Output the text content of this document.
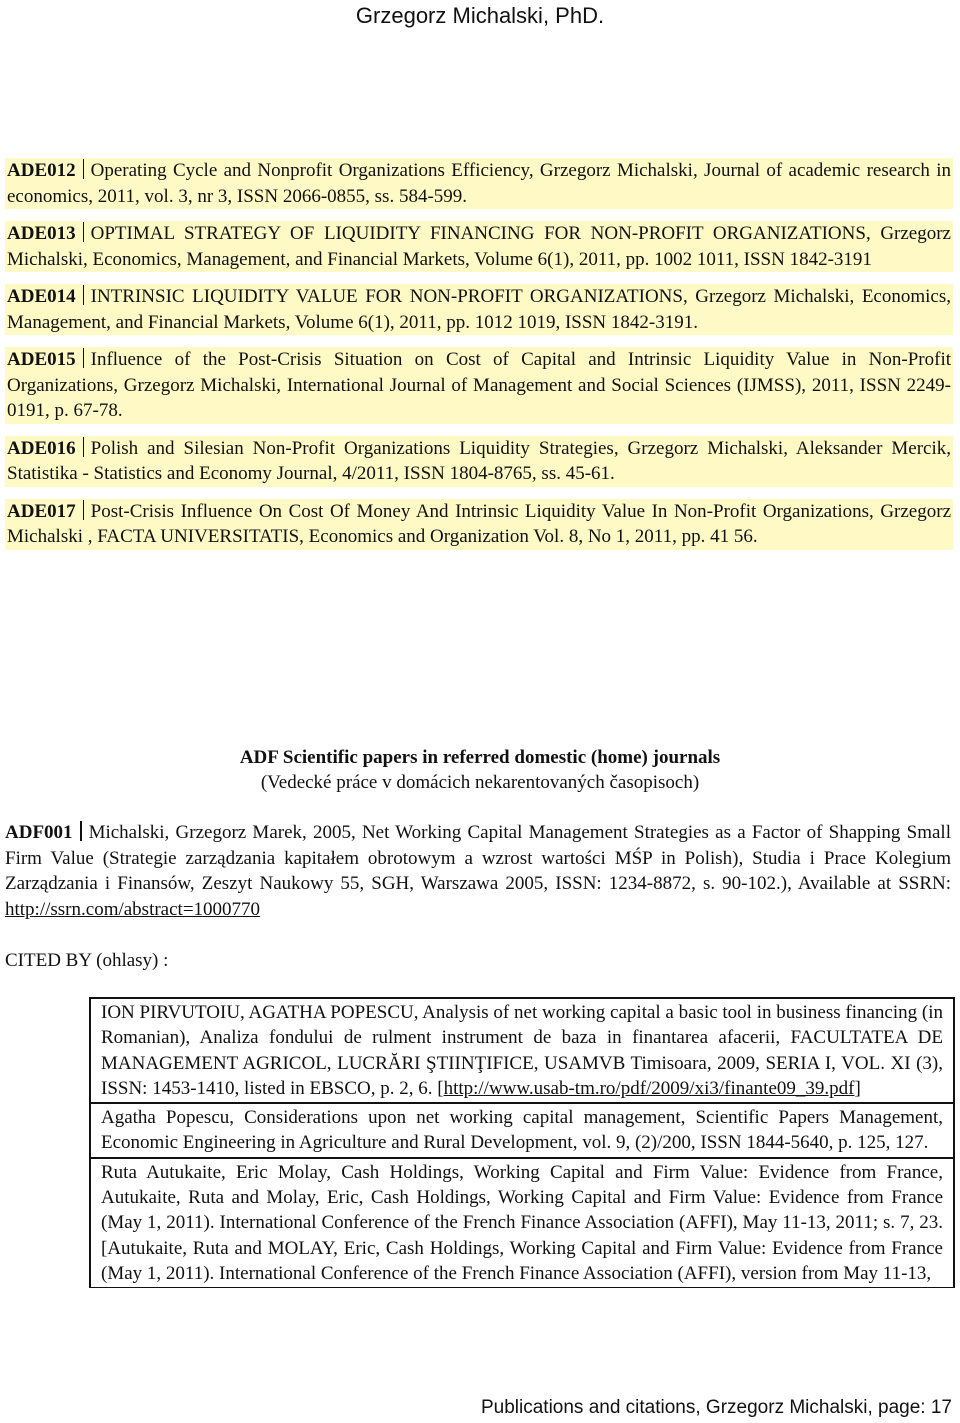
Grzegorz Michalski, PhD.
ADE012 Operating Cycle and Nonprofit Organizations Efficiency, Grzegorz Michalski, Journal of academic research in economics, 2011, vol. 3, nr 3, ISSN 2066-0855, ss. 584-599.
ADE013 OPTIMAL STRATEGY OF LIQUIDITY FINANCING FOR NON-PROFIT ORGANIZATIONS, Grzegorz Michalski, Economics, Management, and Financial Markets, Volume 6(1), 2011, pp. 1002 1011, ISSN 1842-3191
ADE014 INTRINSIC LIQUIDITY VALUE FOR NON-PROFIT ORGANIZATIONS, Grzegorz Michalski, Economics, Management, and Financial Markets, Volume 6(1), 2011, pp. 1012 1019, ISSN 1842-3191.
ADE015 Influence of the Post-Crisis Situation on Cost of Capital and Intrinsic Liquidity Value in Non-Profit Organizations, Grzegorz Michalski, International Journal of Management and Social Sciences (IJMSS), 2011, ISSN 2249-0191, p. 67-78.
ADE016 Polish and Silesian Non-Profit Organizations Liquidity Strategies, Grzegorz Michalski, Aleksander Mercik, Statistika - Statistics and Economy Journal, 4/2011, ISSN 1804-8765, ss. 45-61.
ADE017 Post-Crisis Influence On Cost Of Money And Intrinsic Liquidity Value In Non-Profit Organizations, Grzegorz Michalski , FACTA UNIVERSITATIS, Economics and Organization Vol. 8, No 1, 2011, pp. 41 56.
ADF Scientific papers in referred domestic (home) journals
(Vedecké práce v domácich nekarentovaných časopisoch)
ADF001 Michalski, Grzegorz Marek, 2005, Net Working Capital Management Strategies as a Factor of Shapping Small Firm Value (Strategie zarządzania kapitałem obrotowym a wzrost wartości MŚP in Polish), Studia i Prace Kolegium Zarządzania i Finansów, Zeszyt Naukowy 55, SGH, Warszawa 2005, ISSN: 1234-8872, s. 90-102.), Available at SSRN: http://ssrn.com/abstract=1000770
CITED BY (ohlasy) :
ION PIRVUTOIU, AGATHA POPESCU, Analysis of net working capital a basic tool in business financing (in Romanian), Analiza fondului de rulment instrument de baza in finantarea afacerii, FACULTATEA DE MANAGEMENT AGRICOL, LUCRĂRI ŞTIINŢIFICE, USAMVB Timisoara, 2009, SERIA I, VOL. XI (3), ISSN: 1453-1410, listed in EBSCO, p. 2, 6. [http://www.usab-tm.ro/pdf/2009/xi3/finante09_39.pdf]
Agatha Popescu, Considerations upon net working capital management, Scientific Papers Management, Economic Engineering in Agriculture and Rural Development, vol. 9, (2)/200, ISSN 1844-5640, p. 125, 127.
Ruta Autukaite, Eric Molay, Cash Holdings, Working Capital and Firm Value: Evidence from France, Autukaite, Ruta and Molay, Eric, Cash Holdings, Working Capital and Firm Value: Evidence from France (May 1, 2011). International Conference of the French Finance Association (AFFI), May 11-13, 2011; s. 7, 23. [Autukaite, Ruta and MOLAY, Eric, Cash Holdings, Working Capital and Firm Value: Evidence from France (May 1, 2011). International Conference of the French Finance Association (AFFI), version from May 11-13,
Publications and citations, Grzegorz Michalski, page: 17
